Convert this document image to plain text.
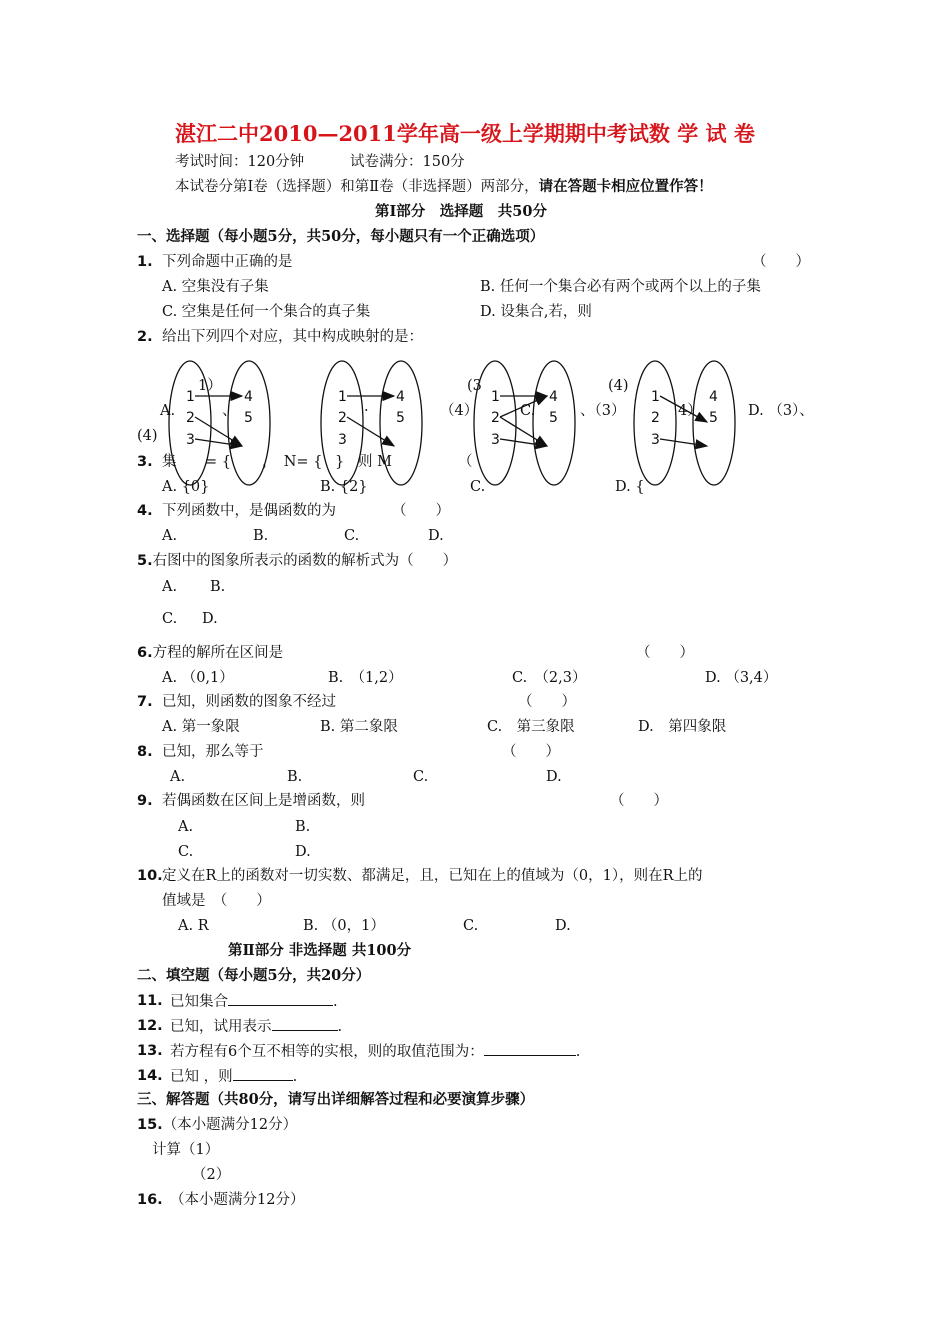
湛江二中2010—2011学年高一级上学期期中考试数 学 试 卷
考试时间：120分钟	试卷满分：150分
本试卷分第Ⅰ卷（选择题）和第Ⅱ卷（非选择题）两部分，请在答题卡相应位置作答！
第Ⅰ部分　选择题　共50分
一、选择题（每小题5分，共50分，每小题只有一个正确选项）
1. 下列命题中正确的是	（　　）
A. 空集没有子集	B. 任何一个集合必有两个或两个以上的子集
C. 空集是任何一个集合的真子集	D. 设集合,若，则
2. 给出下列四个对应，其中构成映射的是：
1）	(3	(4)
A.	、	·	（4）	C.	、（3）	4）	D. （3）、
(4)
1
2
3
4
5
1
2
3
4
5
1
2
3
4
5
1
2
3
4
5
3. 集 = { ，　N= { } 则 M	（
A. {0}	B. {2}	C.	D. {
4. 下列函数中，是偶函数的为	（　　）
A.	B.	C.	D.
5.右图中的图象所表示的函数的解析式为（　　）
A. B.
C. D.
6.方程的解所在区间是	（　　）
A. （0,1）	B.　（1,2）	C.　（2,3）	D. （3,4）
7. 已知，则函数的图象不经过	（　　）
A. 第一象限	B. 第二象限	C.　第三象限	D.　第四象限
8. 已知，那么等于	（　　）
A.	B.	C.	D.
9. 若偶函数在区间上是增函数，则	（　　）
A.	B.
C.	D.
10. 定义在R上的函数对一切实数、都满足，且，已知在上的值域为（0，1），则在R上的
值域是　（　　）
A. R	B. （0，1）	C.	D.
第Ⅱ部分 非选择题 共100分
二、填空题（每小题5分，共20分）
11. 已知集合	.
12. 已知，试用表示	.
13. 若方程有6个互不相等的实根，则的取值范围为：	.
14. 已知 ，则	.
三、解答题（共80分，请写出详细解答过程和必要演算步骤）
15.（本小题满分12分）
计算（1）
（2）
16. （本小题满分12分）
